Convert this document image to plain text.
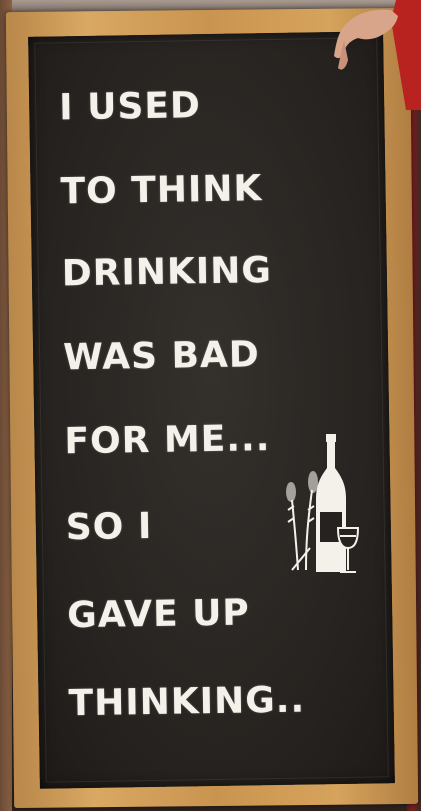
I USED

TO THINK

DRINKING

WAS BAD

FOR ME...

SO I

GAVE UP

THINKING..
